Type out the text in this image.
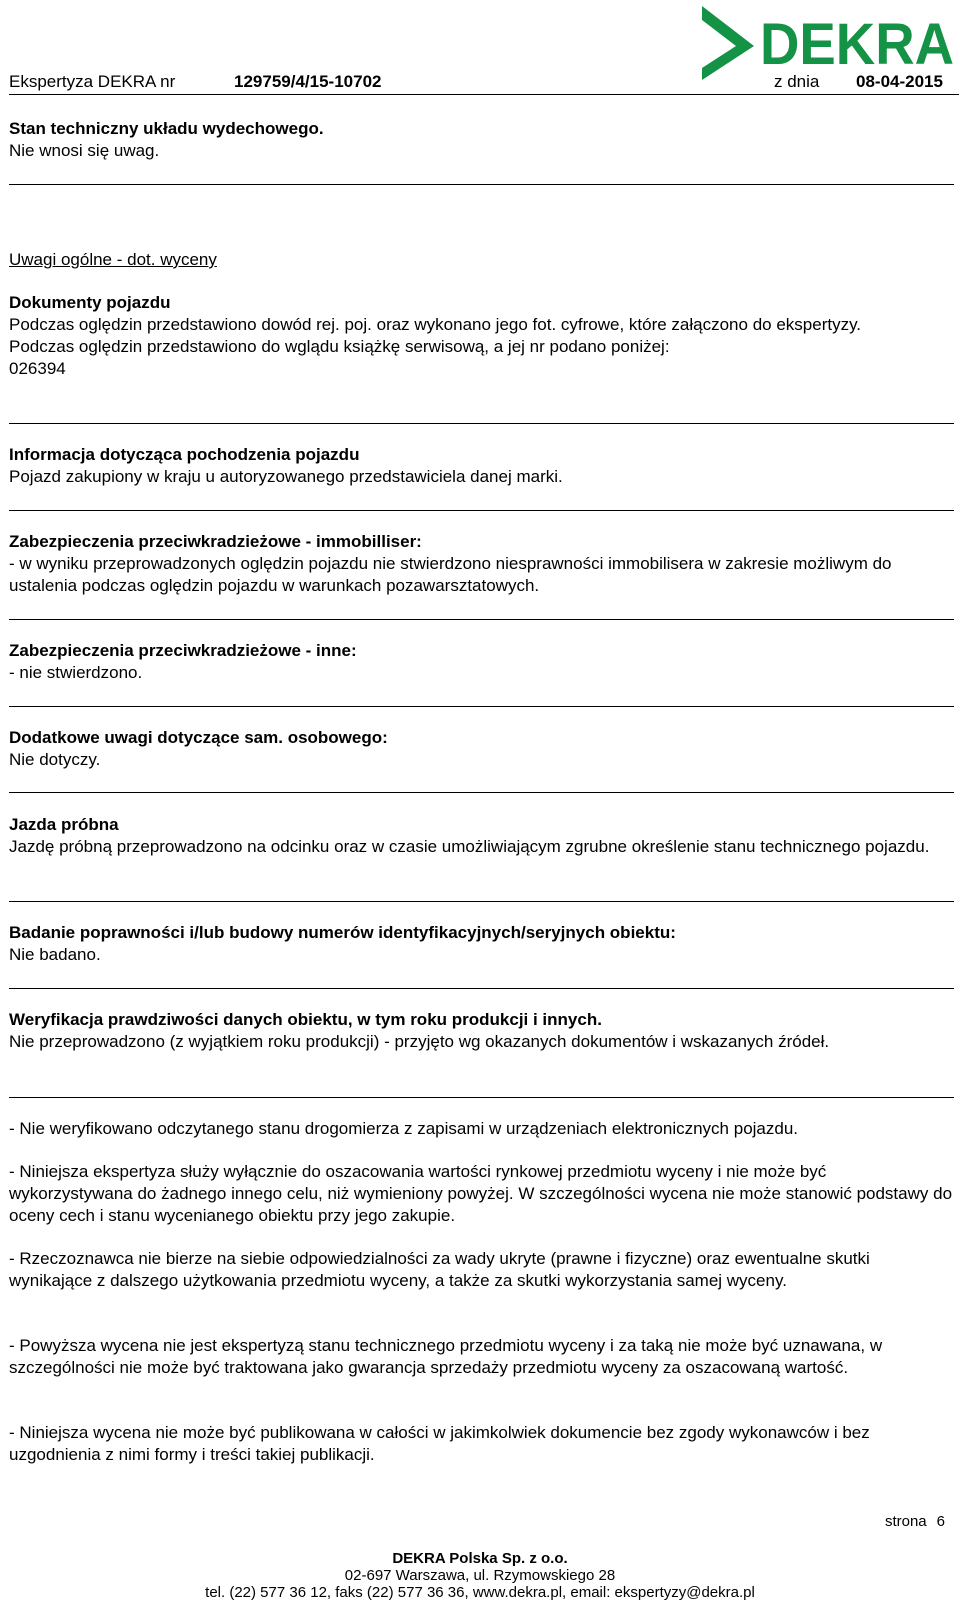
DEKRA
Ekspertyza DEKRA nr	129759/4/15-10702	z dnia 08-04-2015

Stan techniczny układu wydechowego.

Nie wnosi się uwag.

Uwagi ogólne - dot. wyceny

Dokumenty pojazdu

Podczas oględzin przedstawiono dowód rej. poj. oraz wykonano jego fot. cyfrowe, które załączono do ekspertyzy.

Podczas oględzin przedstawiono do wglądu książkę serwisową, a jej nr podano poniżej:

026394

Informacja dotycząca pochodzenia pojazdu

Pojazd zakupiony w kraju u autoryzowanego przedstawiciela danej marki.

Zabezpieczenia przeciwkradzieżowe - immobilliser:

- w wyniku przeprowadzonych oględzin pojazdu nie stwierdzono niesprawności immobilisera w zakresie możliwym do ustalenia podczas oględzin pojazdu w warunkach pozawarsztatowych.

Zabezpieczenia przeciwkradzieżowe - inne:

- nie stwierdzono.

Dodatkowe uwagi dotyczące sam. osobowego:

Nie dotyczy.

Jazda próbna

Jazdę próbną przeprowadzono na odcinku oraz w czasie umożliwiającym zgrubne określenie stanu technicznego pojazdu.

Badanie poprawności i/lub budowy numerów identyfikacyjnych/seryjnych obiektu:

Nie badano.

Weryfikacja prawdziwości danych obiektu, w tym roku produkcji i innych.

Nie przeprowadzono (z wyjątkiem roku produkcji) - przyjęto wg okazanych dokumentów i wskazanych źródeł.

- Nie weryfikowano odczytanego stanu drogomierza z zapisami w urządzeniach elektronicznych pojazdu.

- Niniejsza ekspertyza służy wyłącznie do oszacowania wartości rynkowej przedmiotu wyceny i nie może być wykorzystywana do żadnego innego celu, niż wymieniony powyżej. W szczególności wycena nie może stanowić podstawy do oceny cech i stanu wycenianego obiektu przy jego zakupie.

- Rzeczoznawca nie bierze na siebie odpowiedzialności za wady ukryte (prawne i fizyczne) oraz ewentualne skutki wynikające z dalszego użytkowania przedmiotu wyceny, a także za skutki wykorzystania samej wyceny.

- Powyższa wycena nie jest ekspertyzą stanu technicznego przedmiotu wyceny i za taką nie może być uznawana, w szczególności nie może być traktowana jako gwarancja sprzedaży przedmiotu wyceny za oszacowaną wartość.

- Niniejsza wycena nie może być publikowana w całości w jakimkolwiek dokumencie bez zgody wykonawców i bez uzgodnienia z nimi formy i treści takiej publikacji.

strona 6
DEKRA Polska Sp. z o.o.
02-697 Warszawa, ul. Rzymowskiego 28
tel. (22) 577 36 12, faks (22) 577 36 36, www.dekra.pl, email: ekspertyzy@dekra.pl
